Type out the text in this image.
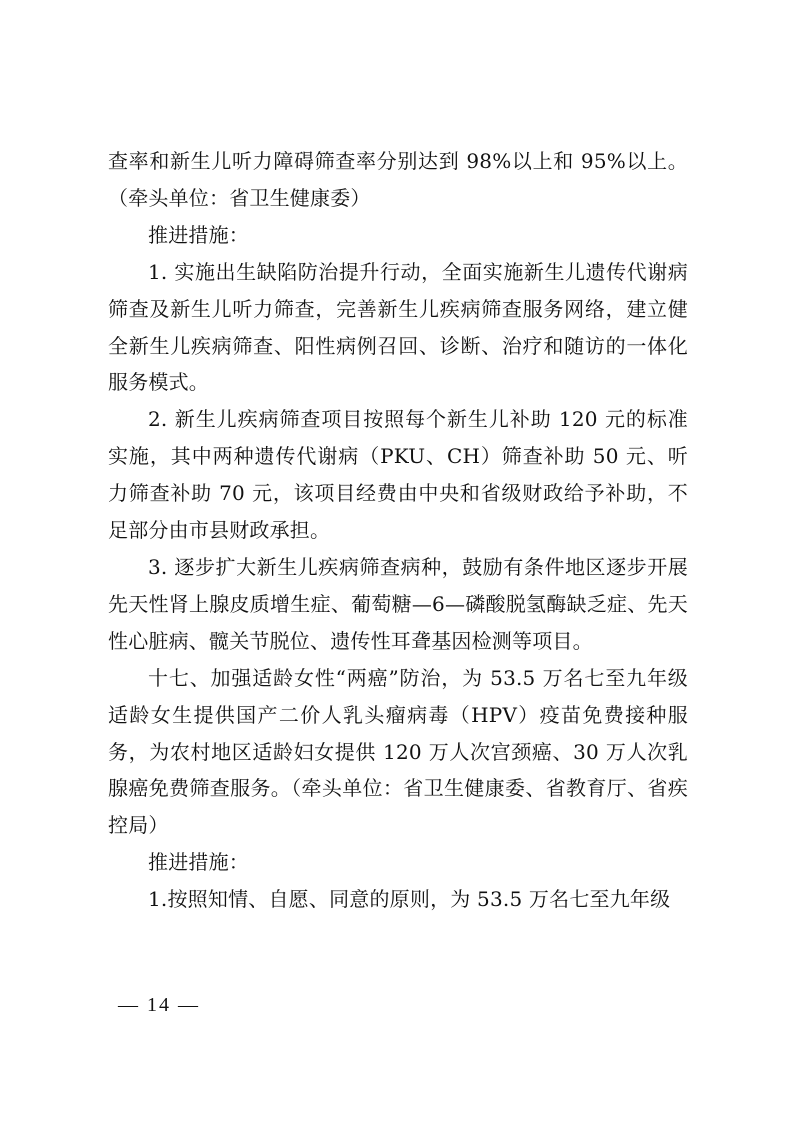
查率和新生儿听力障碍筛查率分别达到 98%以上和 95%以上。（牵头单位：省卫生健康委）

推进措施：

1. 实施出生缺陷防治提升行动，全面实施新生儿遗传代谢病筛查及新生儿听力筛查，完善新生儿疾病筛查服务网络，建立健全新生儿疾病筛查、阳性病例召回、诊断、治疗和随访的一体化服务模式。

2. 新生儿疾病筛查项目按照每个新生儿补助 120 元的标准实施，其中两种遗传代谢病（PKU、CH）筛查补助 50 元、听力筛查补助 70 元，该项目经费由中央和省级财政给予补助，不足部分由市县财政承担。

3. 逐步扩大新生儿疾病筛查病种，鼓励有条件地区逐步开展先天性肾上腺皮质增生症、葡萄糖—6—磷酸脱氢酶缺乏症、先天性心脏病、髋关节脱位、遗传性耳聋基因检测等项目。

十七、加强适龄女性“两癌”防治，为 53.5 万名七至九年级适龄女生提供国产二价人乳头瘤病毒（HPV）疫苗免费接种服务，为农村地区适龄妇女提供 120 万人次宫颈癌、30 万人次乳腺癌免费筛查服务。（牵头单位：省卫生健康委、省教育厅、省疾控局）

推进措施：

1.按照知情、自愿、同意的原则，为 53.5 万名七至九年级

— 14 —
